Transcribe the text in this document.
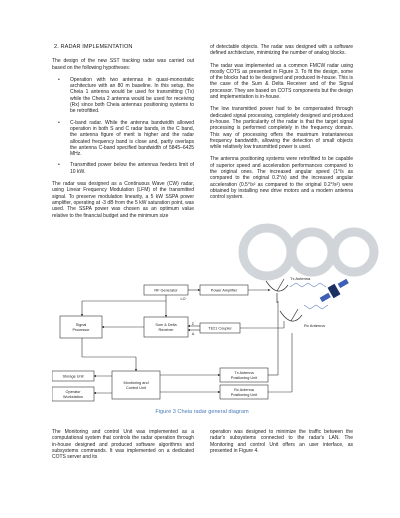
2. RADAR IMPLEMENTATION

The design of the new SST tracking radar was carried out based on the following hypotheses:

• Operation with two antennas in quasi-monostatic architecture with an 80 m baseline. In this setup, the Cheia 1 antenna would be used for transmitting (Tx) while the Cheia 2 antenna would be used for receiving (Rx) since both Cheia antennas positioning systems to be retrofitted.
• C-band radar. While the antenna bandwidth allowed operation in both S and C radar bands, in the C band, the antenna figure of merit is higher and the radar allocated frequency band is close and, partly overlaps the antenna C-band specified bandwidth of 5845–6425 MHz.
• Transmitted power below the antennas feeders limit of 10 kW.

The radar was designed as a Continuous Wave (CW) radar, using Linear Frequency Modulation (LFM) of the transmitted signal. To preserve modulation linearity, a 5 kW SSPA power amplifier, operating at -3 dB from the 5 kW saturation point, was used. The SSPA power was chosen as an optimum value relative to the financial budget and the minimum size

of detectable objects. The radar was designed with a software defined architecture, minimizing the number of analog blocks.

The radar was implemented as a common FMCW radar using mostly COTS as presented in Figure 3. To fit the design, some of the blocks had to be designed and produced in-house. This is the case of the Sum & Delta Receiver and of the Signal processor. They are based on COTS components but the design and implementation is in-house.

The low transmitted power had to be compensated through dedicated signal processing, completely designed and produced in-house. The particularity of the radar is that the target signal processing is performed completely in the frequency domain. This way of processing offers the maximum instantaneous frequency bandwidth, allowing the detection of small objects while relatively low transmitted power is used.

The antenna positioning systems were retrofitted to be capable of superior speed and acceleration performances compared to the original ones. The increased angular speed (1°/s as compared to the original 0.2°/s) and the increased angular acceleration (0.5°/s² as compared to the original 0.2°/s²) were obtained by installing new drive motors and a modern antenna control system.

RF Generator	Power Amplifier
Signal Processor
Sum & Delta Receiver	TE21 Coupler
Storage Unit
Operator Workstation
Monitoring and Control Unit
Tx Antenna Positioning Unit
Rx Antenna Positioning Unit
LO
Σ
Δ
Tx Antenna
Rx Antenna
Figure 3 Cheia radar general diagram
The Monitoring and control Unit was implemented as a computational system that controls the radar operation through in-house designed and produced software algorithms and subsystems commands. It was implemented on a dedicated COTS server and its
operation was designed to minimize the traffic between the radar's subsystems connected to the radar's LAN. The Monitoring and control Unit offers an user interface, as presented in Figure 4.
